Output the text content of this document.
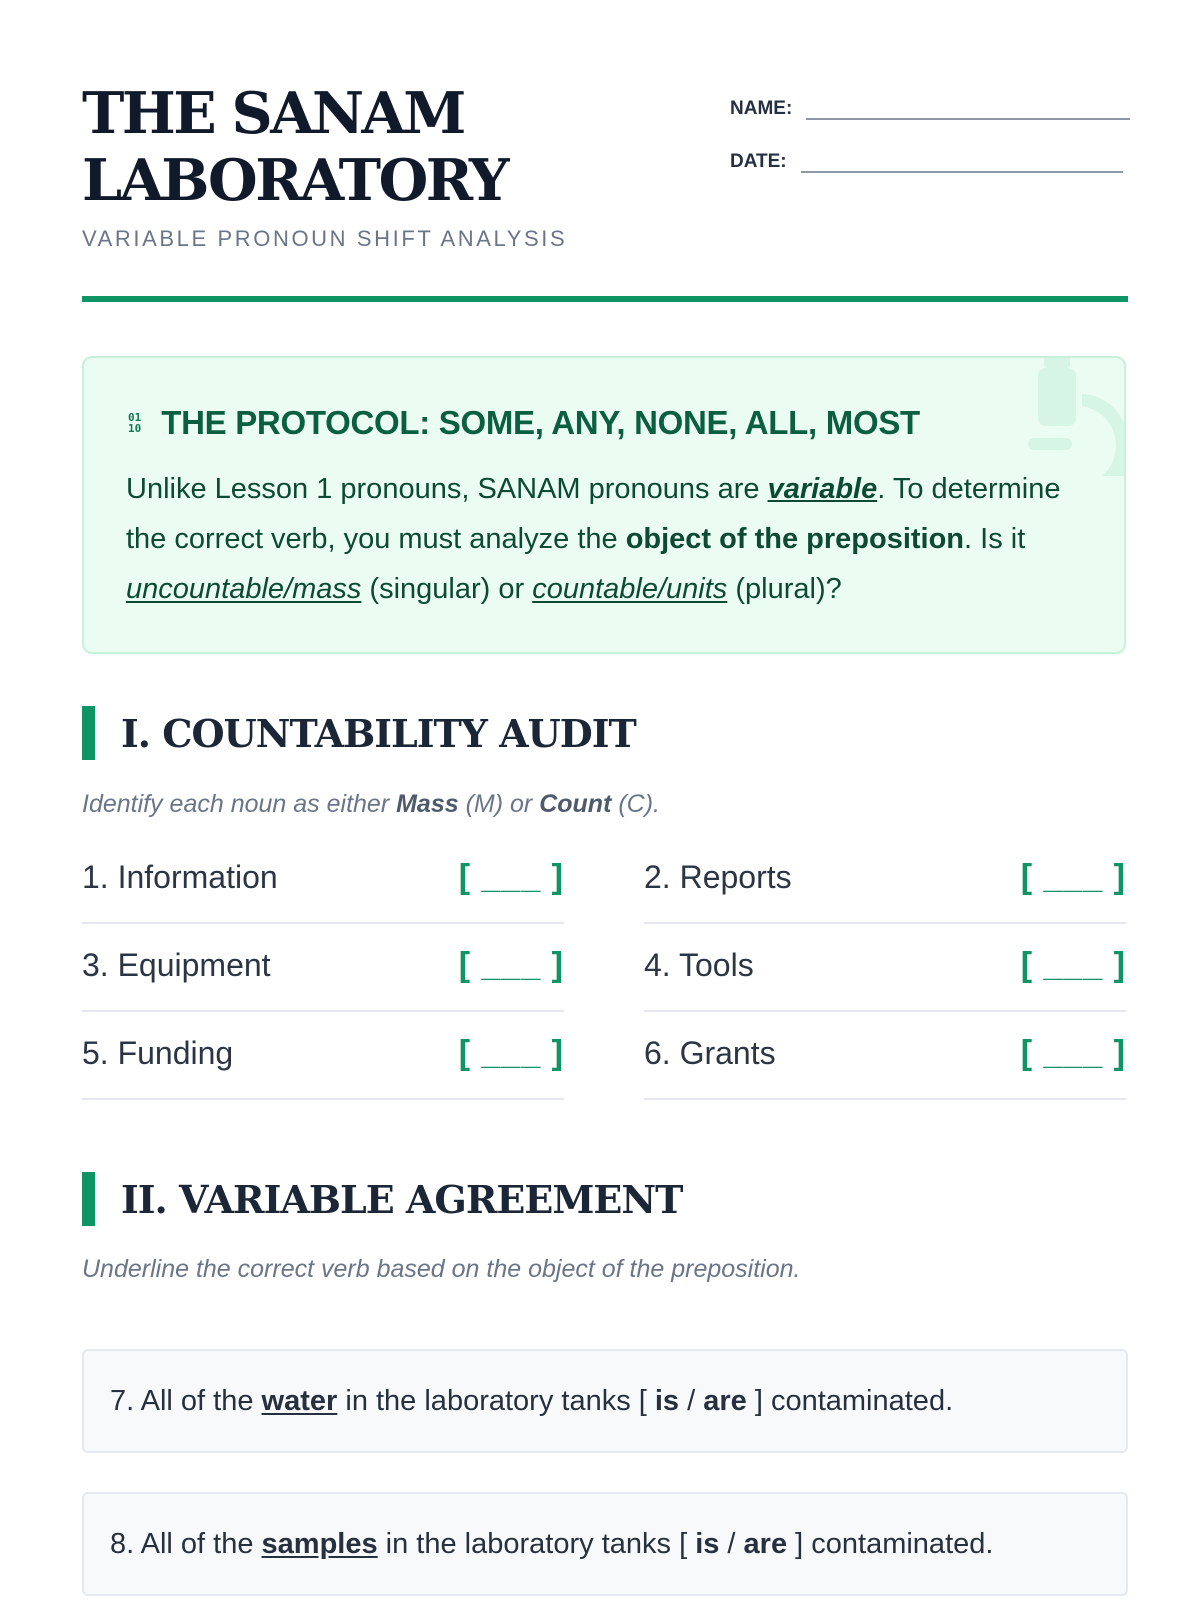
THE SANAM
LABORATORY
VARIABLE PRONOUN SHIFT ANALYSIS
NAME:
DATE:
01
10 THE PROTOCOL: SOME, ANY, NONE, ALL, MOST

Unlike Lesson 1 pronouns, SANAM pronouns are variable. To determine the correct verb, you must analyze the object of the preposition. Is it uncountable/mass (singular) or countable/units (plural)?

I. COUNTABILITY AUDIT
Identify each noun as either Mass (M) or Count (C).
1. Information	[ ___ ]	2. Reports	[ ___ ]
3. Equipment	[ ___ ]	4. Tools	[ ___ ]
5. Funding	[ ___ ]	6. Grants	[ ___ ]
II. VARIABLE AGREEMENT
Underline the correct verb based on the object of the preposition.
7. All of the water in the laboratory tanks [ is / are ] contaminated.
8. All of the samples in the laboratory tanks [ is / are ] contaminated.
